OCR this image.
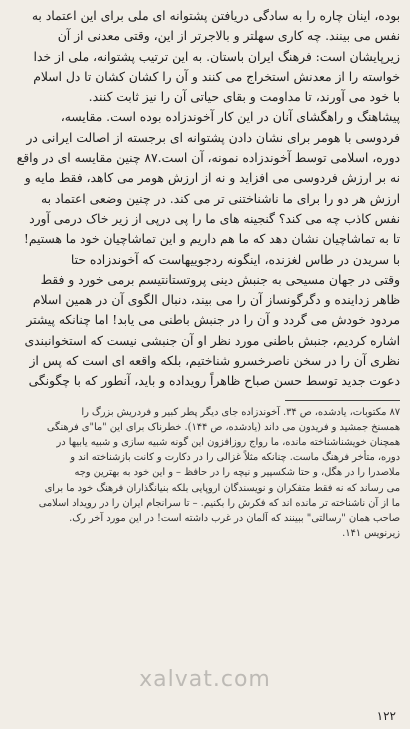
بوده، اینان چاره را به سادگی دریافتن پشتوانه ای ملی برای این اعتماد به
نفس می بینند. چه کاری سهلتر و بالاجرتر از این، وقتی معدنی از آن
زیرپایشان است: فرهنگ ایران باستان. به این ترتیب پشتوانه، ملی از خدا
خواسته را از معدنش استخراج می کنند و آن را کشان کشان تا دل اسلام
با خود می آورند، تا مداومت و بقای حیاتی آن را نیز ثابت کنند.
پیشاهنگ و راهگشای آنان در این کار آخوندزاده بوده است. مقایسه،
فردوسی با هومر برای نشان دادن پشتوانه ای برجسته از اصالت ایرانی در
دوره، اسلامی توسط آخوندزاده نمونه، آن است.۸۷ چنین مقایسه ای در واقع
نه بر ارزش فردوسی می افزاید و نه از ارزش هومر می کاهد، فقط مایه و
ارزش هر دو را برای ما ناشناختنی تر می کند. در چنین وضعی اعتماد به
نفس کاذب چه می کند؟ گنجینه های ما را پی درپی از زیر خاک درمی آورد
تا به تماشاچیان نشان دهد که ما هم داریم و این تماشاچیان خود ما هستیم!
با سریدن در طاس لغزنده، اینگونه ردجوییهاست که آخوندزاده حتا
وقتی در جهان مسیحی به جنبش دینی پروتستانتیسم برمی خورد و فقط
ظاهر زداینده و دگرگونساز آن را می بیند، دنبال الگوی آن در همین اسلام
مردود خودش می گردد و آن را در جنبش باطنی می یابد! اما چنانکه پیشتر
اشاره کردیم، جنبش باطنی مورد نظر او آن جنبشی نیست که استخوانبندی
نظری آن را در سخن ناصرخسرو شناختیم، بلکه واقعه ای است که پس از
دعوت جدید توسط حسن صباح ظاهراً رویداده و باید، آنطور که با چگونگی
۸۷ مکتوبات، یادشده، ص ۳۴. آخوندزاده جای دیگر پطر کبیر و فردریش بزرگ را
همسنخ جمشید و فریدون می داند (یادشده، ص ۱۴۴). خطرناک برای این "ما"ی فرهنگی
همچنان خویشناشناخته مانده، ما رواج روزافزون این گونه شبیه سازی و شبیه یابیها در
دوره، متأخر فرهنگ ماست. چنانکه مثلاً غزالی را در دکارت و کانت بازشناخته اند و
ملاصدرا را در هگل، و حتا شکسپیر و نیچه را در حافظ – و این خود به بهترین وجه
می رساند که نه فقط متفکران و نویسندگان اروپایی بلکه بنیانگذاران فرهنگ خود ما برای
ما از آن ناشناخته تر مانده اند که فکرش را بکنیم. – تا سرانجام ایران را در رویداد اسلامی
صاحب همان "رسالتی" ببینند که آلمان در غرب داشته است! در این مورد آخر رک.
زیرنویس ۱۴۱.
xalvat.com
۱۲۲
